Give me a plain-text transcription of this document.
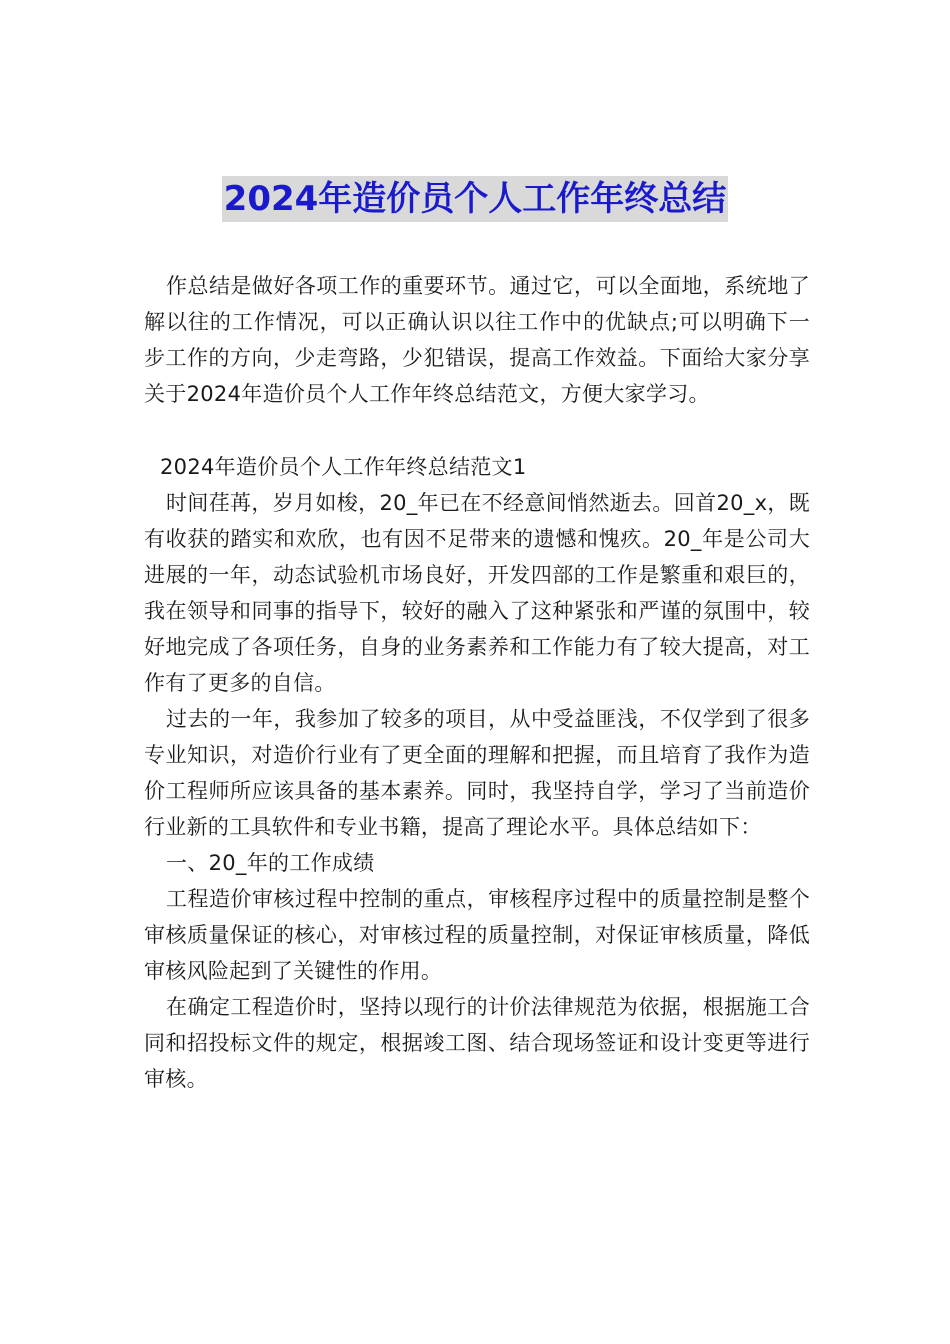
2024年造价员个人工作年终总结

作总结是做好各项工作的重要环节。通过它，可以全面地，系统地了解以往的工作情况，可以正确认识以往工作中的优缺点;可以明确下一步工作的方向，少走弯路，少犯错误，提高工作效益。下面给大家分享关于2024年造价员个人工作年终总结范文，方便大家学习。

2024年造价员个人工作年终总结范文1

时间荏苒，岁月如梭，20_年已在不经意间悄然逝去。回首20_x，既有收获的踏实和欢欣，也有因不足带来的遗憾和愧疚。20_年是公司大进展的一年，动态试验机市场良好，开发四部的工作是繁重和艰巨的，我在领导和同事的指导下，较好的融入了这种紧张和严谨的氛围中，较好地完成了各项任务，自身的业务素养和工作能力有了较大提高，对工作有了更多的自信。

过去的一年，我参加了较多的项目，从中受益匪浅，不仅学到了很多专业知识，对造价行业有了更全面的理解和把握，而且培育了我作为造价工程师所应该具备的基本素养。同时，我坚持自学，学习了当前造价行业新的工具软件和专业书籍，提高了理论水平。具体总结如下：

一、20_年的工作成绩

工程造价审核过程中控制的重点，审核程序过程中的质量控制是整个审核质量保证的核心，对审核过程的质量控制，对保证审核质量，降低审核风险起到了关键性的作用。

在确定工程造价时，坚持以现行的计价法律规范为依据，根据施工合同和招投标文件的规定，根据竣工图、结合现场签证和设计变更等进行审核。
